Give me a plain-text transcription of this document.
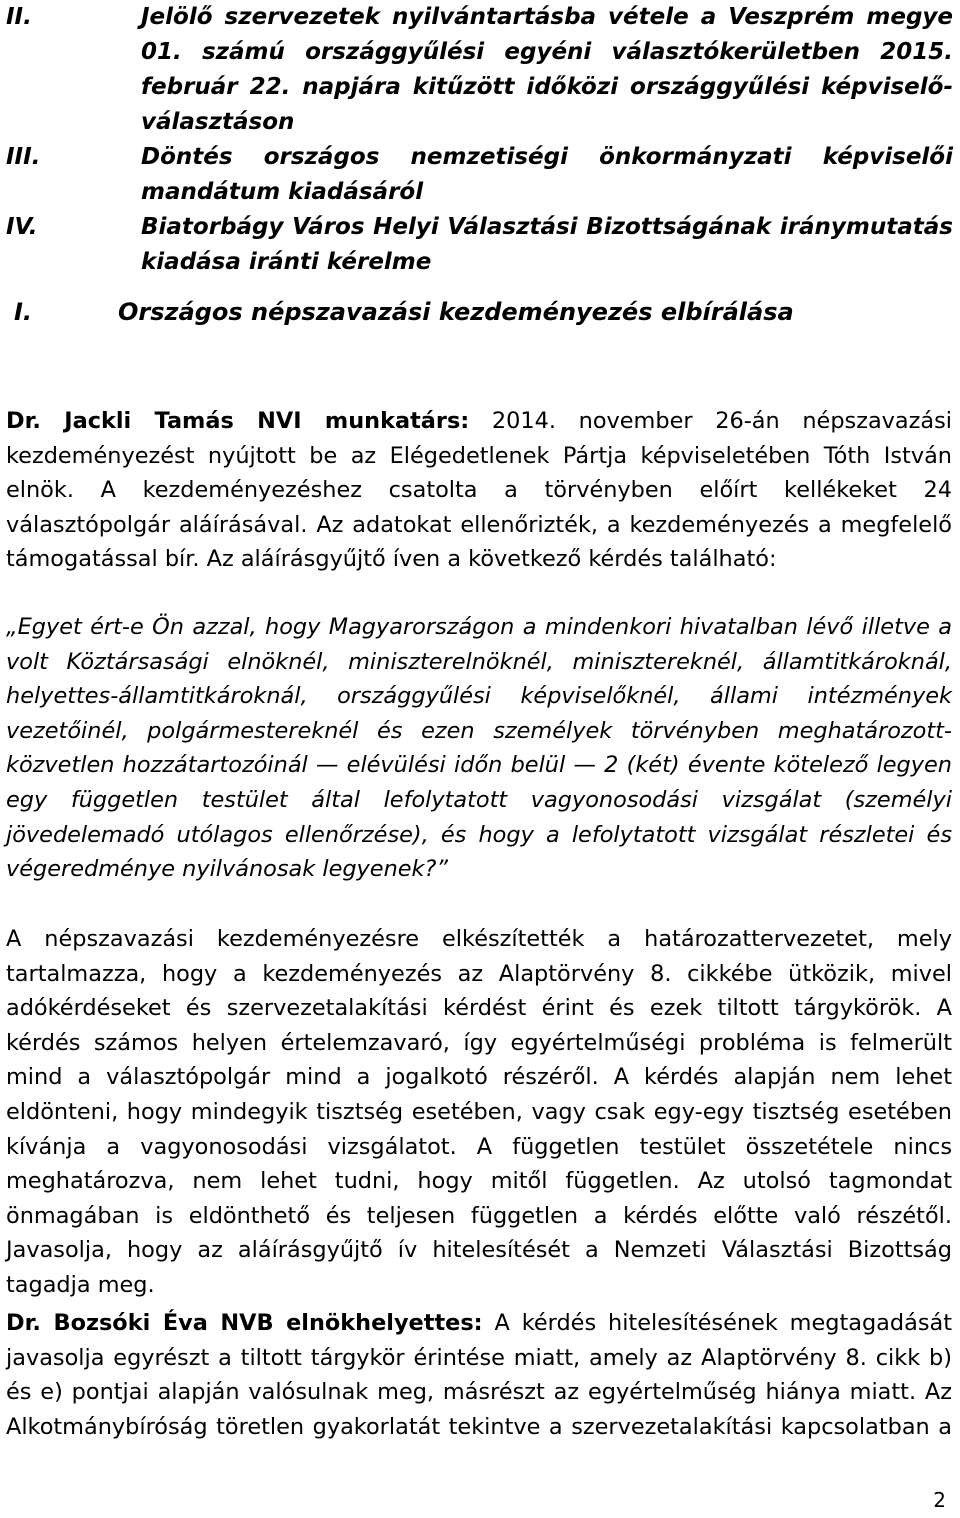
II.	Jelölő szervezetek nyilvántartásba vétele a Veszprém megye 01. számú országgyűlési egyéni választókerületben 2015. február 22. napjára kitűzött időközi országgyűlési képviselő-választáson
III.	Döntés országos nemzetiségi önkormányzati képviselői mandátum kiadásáról
IV.	Biatorbágy Város Helyi Választási Bizottságának iránymutatás kiadása iránti kérelme
I.	Országos népszavazási kezdeményezés elbírálása

Dr. Jackli Tamás NVI munkatárs: 2014. november 26-án népszavazási kezdeményezést nyújtott be az Elégedetlenek Pártja képviseletében Tóth István elnök. A kezdeményezéshez csatolta a törvényben előírt kellékeket 24 választópolgár aláírásával. Az adatokat ellenőrizték, a kezdeményezés a megfelelő támogatással bír. Az aláírásgyűjtő íven a következő kérdés található:

„Egyet ért-e Ön azzal, hogy Magyarországon a mindenkori hivatalban lévő illetve a volt Köztársasági elnöknél, miniszterelnöknél, minisztereknél, államtitkároknál, helyettes-államtitkároknál, országgyűlési képviselőknél, állami intézmények vezetőinél, polgármestereknél és ezen személyek törvényben meghatározott- közvetlen hozzátartozóinál — elévülési időn belül — 2 (két) évente kötelező legyen egy független testület által lefolytatott vagyonosodási vizsgálat (személyi jövedelemadó utólagos ellenőrzése), és hogy a lefolytatott vizsgálat részletei és végeredménye nyilvánosak legyenek?”

A népszavazási kezdeményezésre elkészítették a határozattervezetet, mely tartalmazza, hogy a kezdeményezés az Alaptörvény 8. cikkébe ütközik, mivel adókérdéseket és szervezetalakítási kérdést érint és ezek tiltott tárgykörök. A kérdés számos helyen értelemzavaró, így egyértelműségi probléma is felmerült mind a választópolgár mind a jogalkotó részéről. A kérdés alapján nem lehet eldönteni, hogy mindegyik tisztség esetében, vagy csak egy-egy tisztség esetében kívánja a vagyonosodási vizsgálatot. A független testület összetétele nincs meghatározva, nem lehet tudni, hogy mitől független. Az utolsó tagmondat önmagában is eldönthető és teljesen független a kérdés előtte való részétől. Javasolja, hogy az aláírásgyűjtő ív hitelesítését a Nemzeti Választási Bizottság tagadja meg.

Dr. Bozsóki Éva NVB elnökhelyettes: A kérdés hitelesítésének megtagadását javasolja egyrészt a tiltott tárgykör érintése miatt, amely az Alaptörvény 8. cikk b) és e) pontjai alapján valósulnak meg, másrészt az egyértelműség hiánya miatt. Az Alkotmánybíróság töretlen gyakorlatát tekintve a szervezetalakítási kapcsolatban a

2
